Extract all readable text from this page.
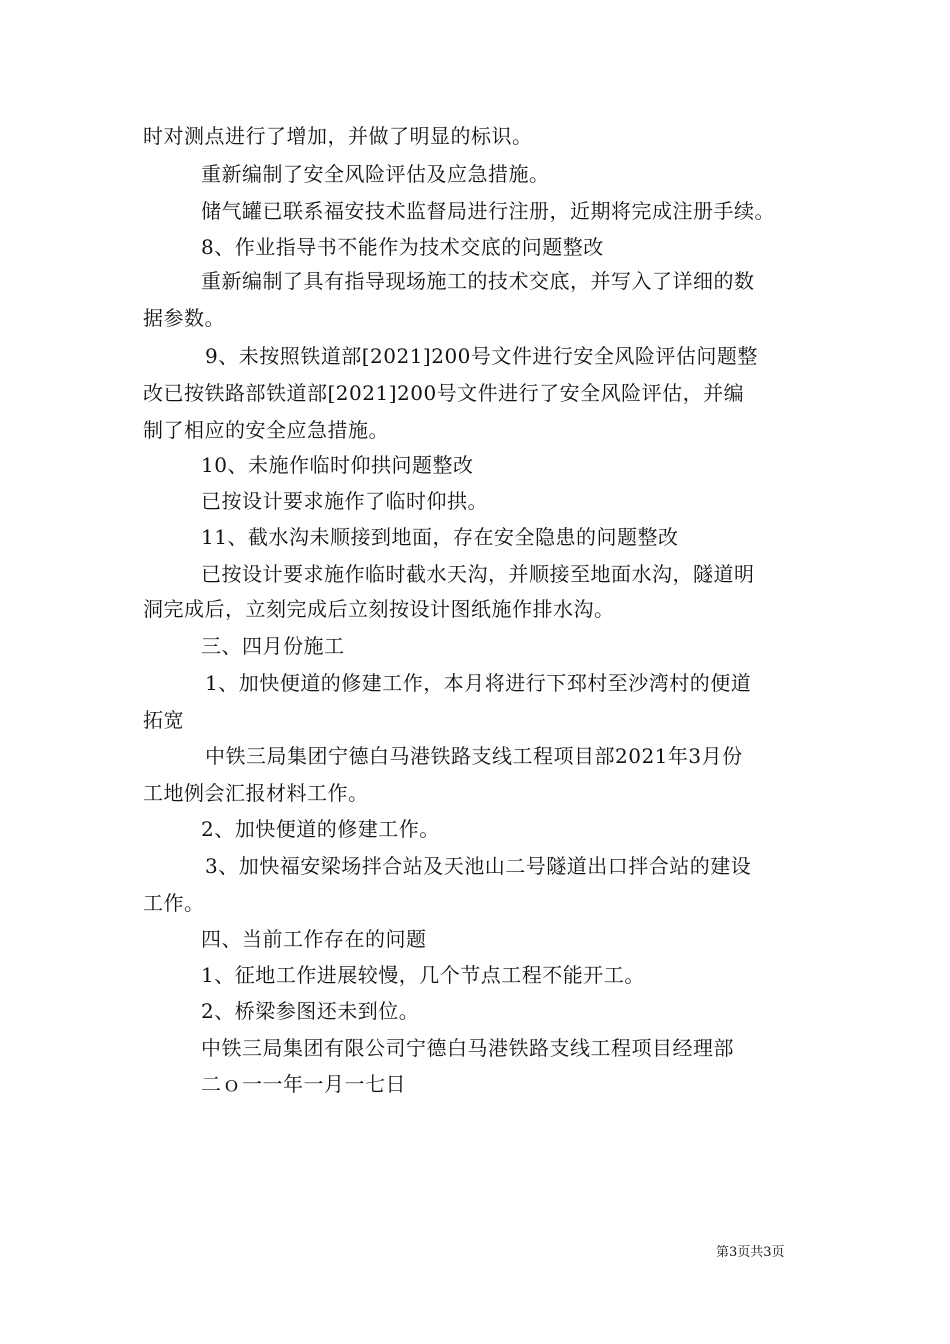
时对测点进行了增加，并做了明显的标识。
重新编制了安全风险评估及应急措施。
储气罐已联系福安技术监督局进行注册，近期将完成注册手续。
8、作业指导书不能作为技术交底的问题整改
重新编制了具有指导现场施工的技术交底，并写入了详细的数
据参数。
9、未按照铁道部[2021]200号文件进行安全风险评估问题整
改已按铁路部铁道部[2021]200号文件进行了安全风险评估，并编
制了相应的安全应急措施。
10、未施作临时仰拱问题整改
已按设计要求施作了临时仰拱。
11、截水沟未顺接到地面，存在安全隐患的问题整改
已按设计要求施作临时截水天沟，并顺接至地面水沟，隧道明
洞完成后，立刻完成后立刻按设计图纸施作排水沟。
三、四月份施工
1、加快便道的修建工作，本月将进行下邳村至沙湾村的便道
拓宽
中铁三局集团宁德白马港铁路支线工程项目部2021年3月份
工地例会汇报材料工作。
2、加快便道的修建工作。
3、加快福安梁场拌合站及天池山二号隧道出口拌合站的建设
工作。
四、当前工作存在的问题
1、征地工作进展较慢，几个节点工程不能开工。
2、桥梁参图还未到位。
中铁三局集团有限公司宁德白马港铁路支线工程项目经理部
二ｏ一一年一月一七日
第3页共3页
